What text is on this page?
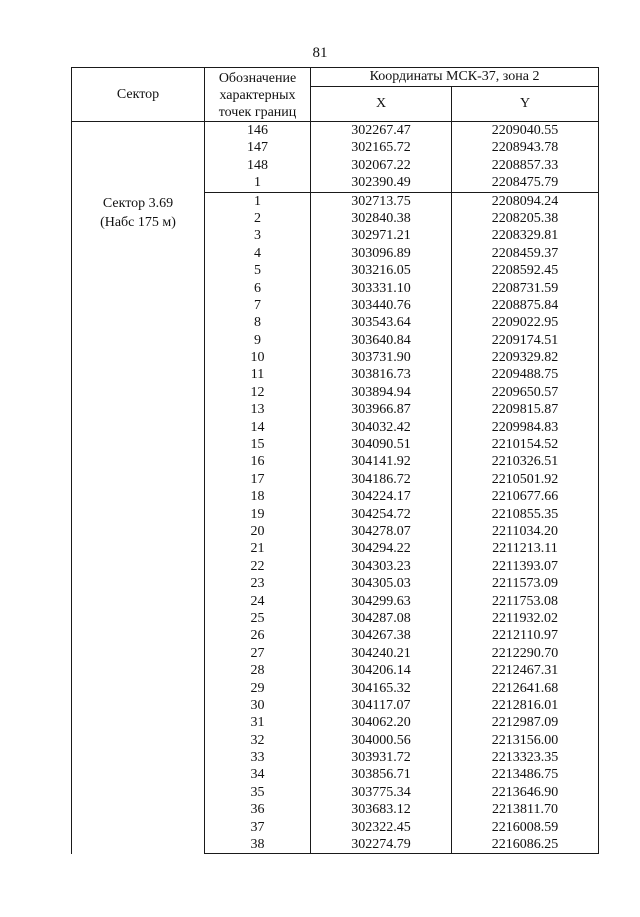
81
Сектор	Обозначение
характерных
точек границ	Координаты МСК-37, зона 2	
		X	Y
	146	302267.47	2209040.55
	147	302165.72	2208943.78
	148	302067.22	2208857.33
	1	302390.49	2208475.79

Сектор 3.69
(Набс 175 м)	1	302713.75	2208094.24
	2	302840.38	2208205.38
	3	302971.21	2208329.81
	4	303096.89	2208459.37
	5	303216.05	2208592.45
	6	303331.10	2208731.59
	7	303440.76	2208875.84
	8	303543.64	2209022.95
	9	303640.84	2209174.51
	10	303731.90	2209329.82
	11	303816.73	2209488.75
	12	303894.94	2209650.57
	13	303966.87	2209815.87
	14	304032.42	2209984.83
	15	304090.51	2210154.52
	16	304141.92	2210326.51
	17	304186.72	2210501.92
	18	304224.17	2210677.66
	19	304254.72	2210855.35
	20	304278.07	2211034.20
	21	304294.22	2211213.11
	22	304303.23	2211393.07
	23	304305.03	2211573.09
	24	304299.63	2211753.08
	25	304287.08	2211932.02
	26	304267.38	2212110.97
	27	304240.21	2212290.70
	28	304206.14	2212467.31
	29	304165.32	2212641.68
	30	304117.07	2212816.01
	31	304062.20	2212987.09
	32	304000.56	2213156.00
	33	303931.72	2213323.35
	34	303856.71	2213486.75
	35	303775.34	2213646.90
	36	303683.12	2213811.70
	37	302322.45	2216008.59
	38	302274.79	2216086.25
